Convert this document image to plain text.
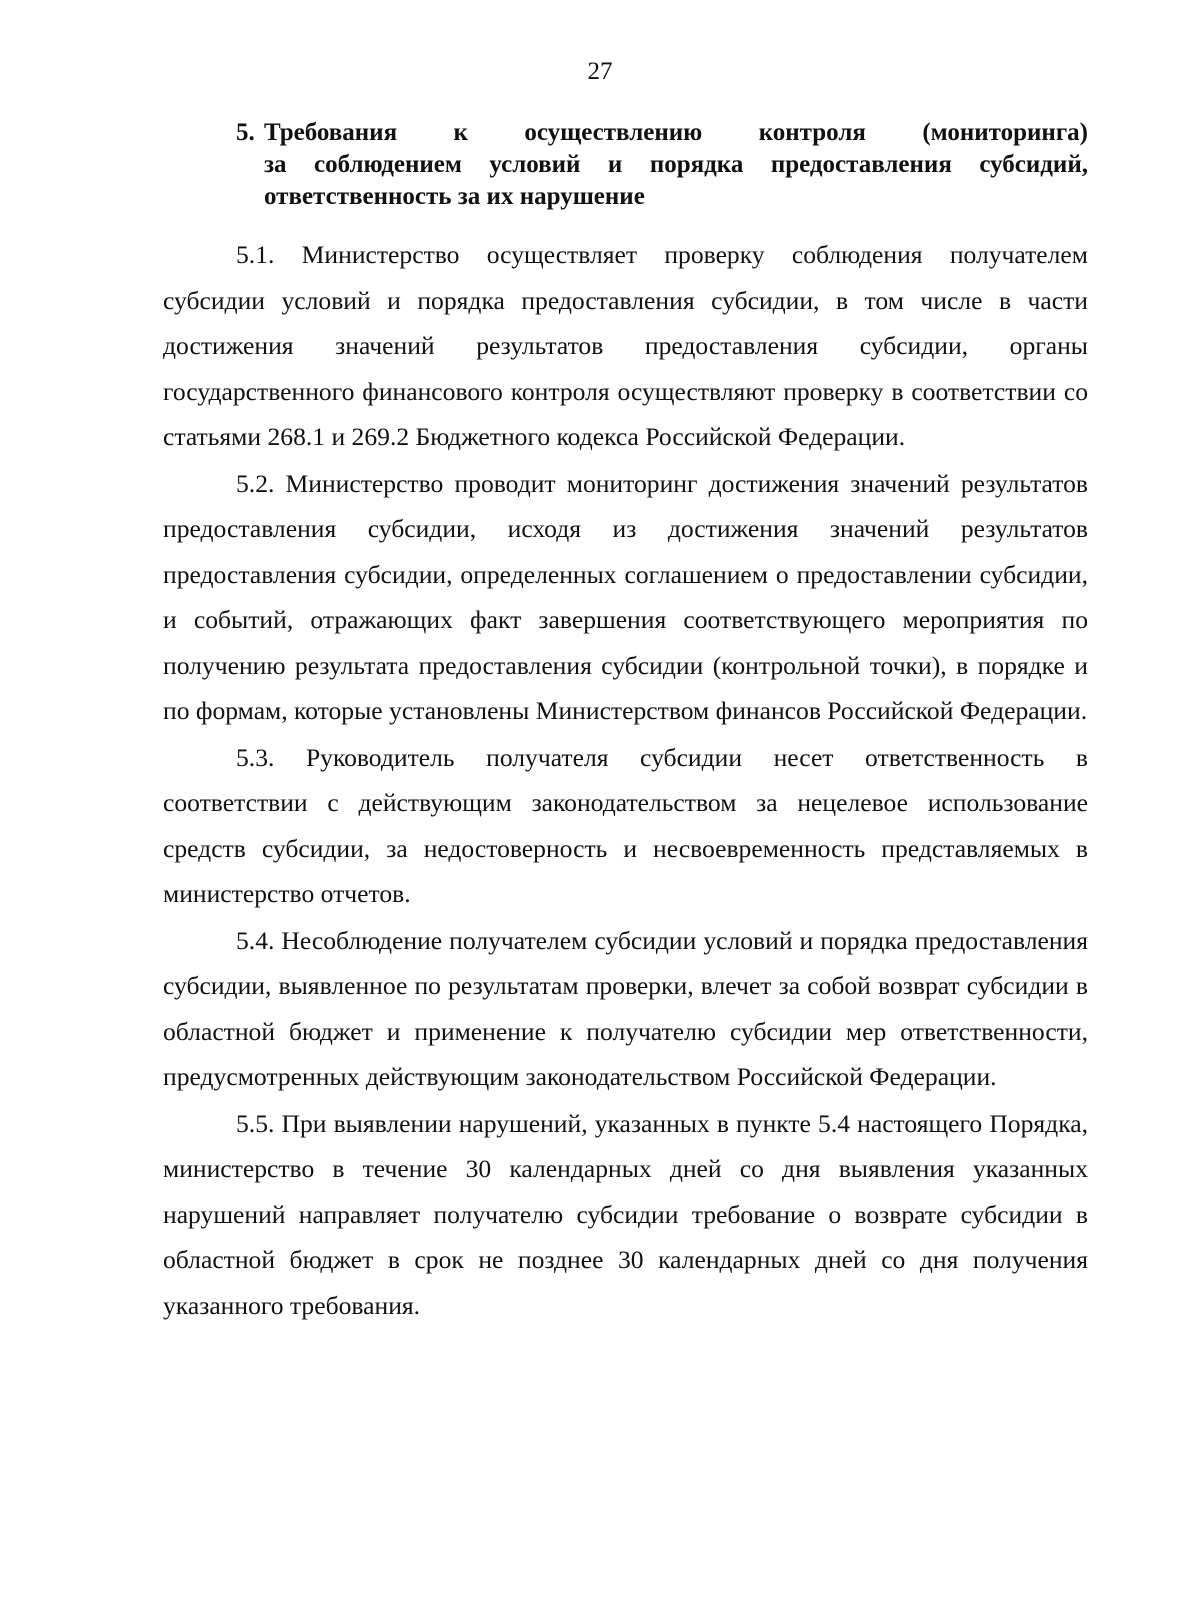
27
5. Требования к осуществлению контроля (мониторинга)
за соблюдением условий и порядка предоставления субсидий, ответственность за их нарушение

5.1. Министерство осуществляет проверку соблюдения получателем субсидии условий и порядка предоставления субсидии, в том числе в части достижения значений результатов предоставления субсидии, органы государственного финансового контроля осуществляют проверку в соответствии со статьями 268.1 и 269.2 Бюджетного кодекса Российской Федерации.

5.2. Министерство проводит мониторинг достижения значений результатов предоставления субсидии, исходя из достижения значений результатов предоставления субсидии, определенных соглашением о предоставлении субсидии, и событий, отражающих факт завершения соответствующего мероприятия по получению результата предоставления субсидии (контрольной точки), в порядке и по формам, которые установлены Министерством финансов Российской Федерации.

5.3. Руководитель получателя субсидии несет ответственность в соответствии с действующим законодательством за нецелевое использование средств субсидии, за недостоверность и несвоевременность представляемых в министерство отчетов.

5.4. Несоблюдение получателем субсидии условий и порядка предоставления субсидии, выявленное по результатам проверки, влечет за собой возврат субсидии в областной бюджет и применение к получателю субсидии мер ответственности, предусмотренных действующим законодательством Российской Федерации.

5.5. При выявлении нарушений, указанных в пункте 5.4 настоящего Порядка, министерство в течение 30 календарных дней со дня выявления указанных нарушений направляет получателю субсидии требование о возврате субсидии в областной бюджет в срок не позднее 30 календарных дней со дня получения указанного требования.
